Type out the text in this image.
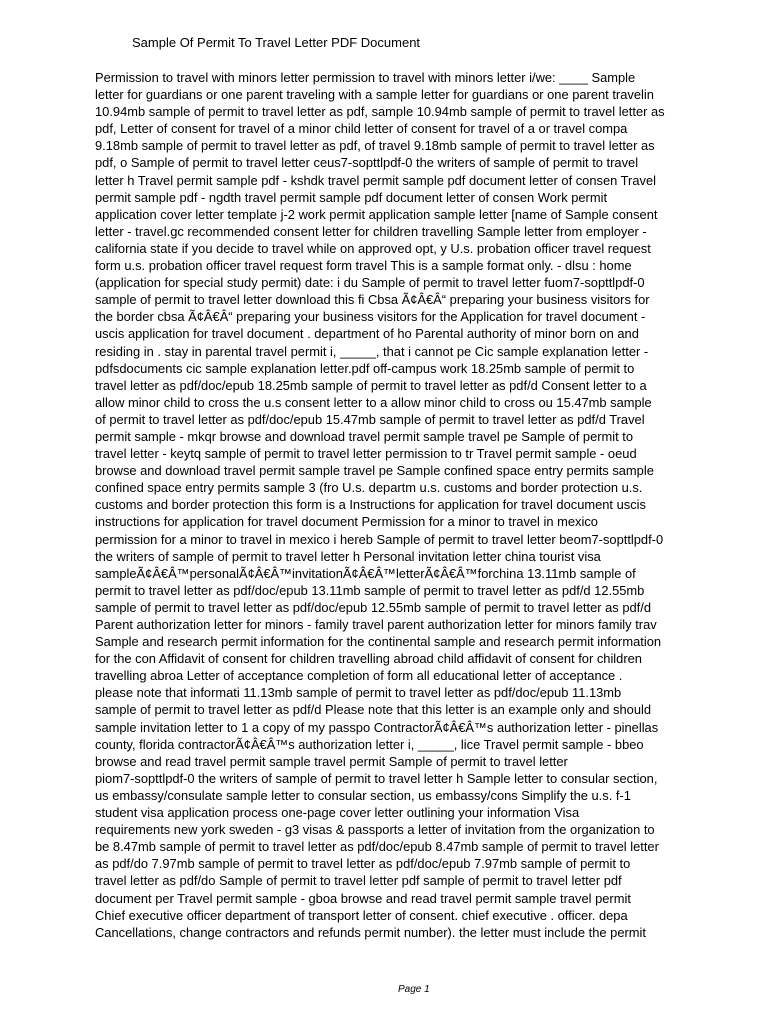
Sample Of Permit To Travel Letter PDF Document
Permission to travel with minors letter permission to travel with minors letter i/we: ____ Sample
letter for guardians or one parent traveling with a sample letter for guardians or one parent travelin
10.94mb sample of permit to travel letter as pdf, sample 10.94mb sample of permit to travel letter as
pdf, Letter of consent for travel of a minor child letter of consent for travel of a or travel compa
9.18mb sample of permit to travel letter as pdf, of travel 9.18mb sample of permit to travel letter as
pdf, o Sample of permit to travel letter ceus7-sopttlpdf-0 the writers of sample of permit to travel
letter h Travel permit sample pdf - kshdk travel permit sample pdf document letter of consen Travel
permit sample pdf - ngdth travel permit sample pdf document letter of consen Work permit
application cover letter template j-2 work permit application sample letter [name of Sample consent
letter - travel.gc recommended consent letter for children travelling Sample letter from employer -
california state if you decide to travel while on approved opt, y U.s. probation officer travel request
form u.s. probation officer travel request form travel This is a sample format only. - dlsu : home
(application for special study permit) date: i du Sample of permit to travel letter fuom7-sopttlpdf-0
sample of permit to travel letter download this fi Cbsa Ã¢Â€Â“ preparing your business visitors for
the border cbsa Ã¢Â€Â“ preparing your business visitors for the Application for travel document -
uscis application for travel document . department of ho Parental authority of minor born on and
residing in . stay in parental travel permit i, _____, that i cannot pe Cic sample explanation letter -
pdfsdocuments cic sample explanation letter.pdf off-campus work 18.25mb sample of permit to
travel letter as pdf/doc/epub 18.25mb sample of permit to travel letter as pdf/d Consent letter to a
allow minor child to cross the u.s consent letter to a allow minor child to cross ou 15.47mb sample
of permit to travel letter as pdf/doc/epub 15.47mb sample of permit to travel letter as pdf/d Travel
permit sample - mkqr browse and download travel permit sample travel pe Sample of permit to
travel letter - keytq sample of permit to travel letter permission to tr Travel permit sample - oeud
browse and download travel permit sample travel pe Sample confined space entry permits sample
confined space entry permits sample 3 (fro U.s. departm u.s. customs and border protection u.s.
customs and border protection this form is a Instructions for application for travel document uscis
instructions for application for travel document Permission for a minor to travel in mexico
permission for a minor to travel in mexico i hereb Sample of permit to travel letter beom7-sopttlpdf-0
the writers of sample of permit to travel letter h Personal invitation letter china tourist visa
sampleÃ¢Â€Â™personalÃ¢Â€Â™invitationÃ¢Â€Â™letterÃ¢Â€Â™forchina 13.11mb sample of
permit to travel letter as pdf/doc/epub 13.11mb sample of permit to travel letter as pdf/d 12.55mb
sample of permit to travel letter as pdf/doc/epub 12.55mb sample of permit to travel letter as pdf/d
Parent authorization letter for minors - family travel parent authorization letter for minors family trav
Sample and research permit information for the continental sample and research permit information
for the con Affidavit of consent for children travelling abroad child affidavit of consent for children
travelling abroa Letter of acceptance completion of form all educational letter of acceptance .
please note that informati 11.13mb sample of permit to travel letter as pdf/doc/epub 11.13mb
sample of permit to travel letter as pdf/d Please note that this letter is an example only and should
sample invitation letter to 1 a copy of my passpo ContractorÃ¢Â€Â™s authorization letter - pinellas
county, florida contractorÃ¢Â€Â™s authorization letter i, _____, lice Travel permit sample - bbeo
browse and read travel permit sample travel permit Sample of permit to travel letter
piom7-sopttlpdf-0 the writers of sample of permit to travel letter h Sample letter to consular section,
us embassy/consulate sample letter to consular section, us embassy/cons Simplify the u.s. f-1
student visa application process one-page cover letter outlining your information Visa
requirements new york sweden - g3 visas & passports a letter of invitation from the organization to
be 8.47mb sample of permit to travel letter as pdf/doc/epub 8.47mb sample of permit to travel letter
as pdf/do 7.97mb sample of permit to travel letter as pdf/doc/epub 7.97mb sample of permit to
travel letter as pdf/do Sample of permit to travel letter pdf sample of permit to travel letter pdf
document per Travel permit sample - gboa browse and read travel permit sample travel permit
Chief executive officer department of transport letter of consent. chief executive . officer. depa
Cancellations, change contractors and refunds permit number). the letter must include the permit
Page 1
